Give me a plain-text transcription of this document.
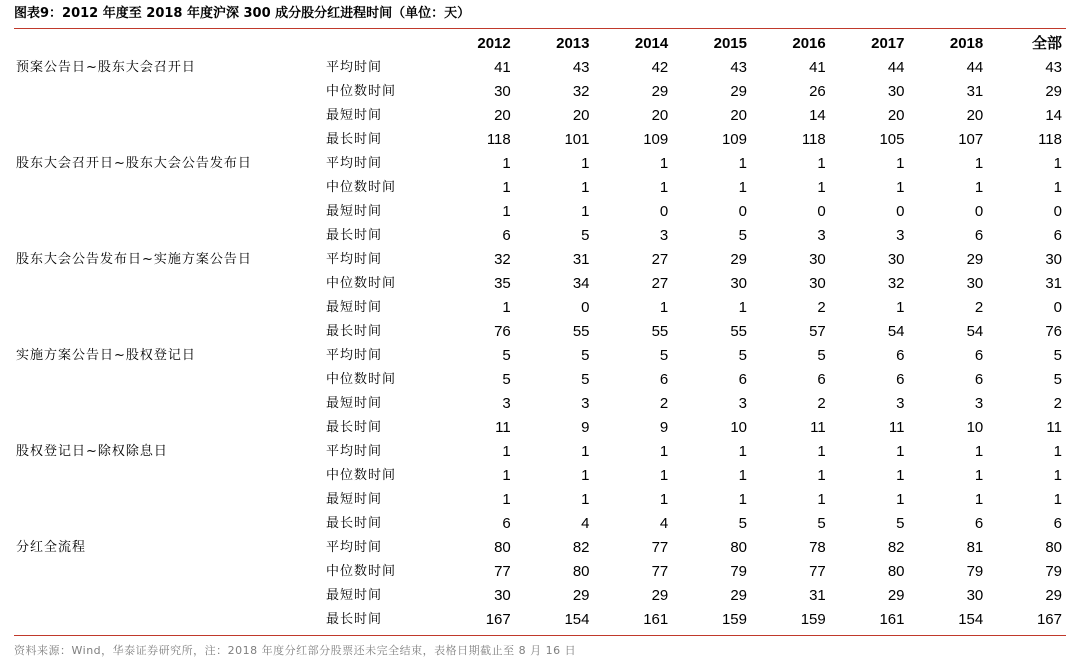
图表9：2012 年度至 2018 年度沪深 300 成分股分红进程时间（单位：天）
		2012	2013	2014	2015	2016	2017	2018	全部
预案公告日~股东大会召开日	平均时间	41	43	42	43	41	44	44	43
	中位数时间	30	32	29	29	26	30	31	29
	最短时间	20	20	20	20	14	20	20	14
	最长时间	118	101	109	109	118	105	107	118
股东大会召开日~股东大会公告发布日	平均时间	1	1	1	1	1	1	1	1
	中位数时间	1	1	1	1	1	1	1	1
	最短时间	1	1	0	0	0	0	0	0
	最长时间	6	5	3	5	3	3	6	6
股东大会公告发布日~实施方案公告日	平均时间	32	31	27	29	30	30	29	30
	中位数时间	35	34	27	30	30	32	30	31
	最短时间	1	0	1	1	2	1	2	0
	最长时间	76	55	55	55	57	54	54	76
实施方案公告日~股权登记日	平均时间	5	5	5	5	5	6	6	5
	中位数时间	5	5	6	6	6	6	6	5
	最短时间	3	3	2	3	2	3	3	2
	最长时间	11	9	9	10	11	11	10	11
股权登记日~除权除息日	平均时间	1	1	1	1	1	1	1	1
	中位数时间	1	1	1	1	1	1	1	1
	最短时间	1	1	1	1	1	1	1	1
	最长时间	6	4	4	5	5	5	6	6
分红全流程	平均时间	80	82	77	80	78	82	81	80
	中位数时间	77	80	77	79	77	80	79	79
	最短时间	30	29	29	29	31	29	30	29
	最长时间	167	154	161	159	159	161	154	167
资料来源：Wind，华泰证券研究所，注：2018 年度分红部分股票还未完全结束，表格日期截止至 8 月 16 日
